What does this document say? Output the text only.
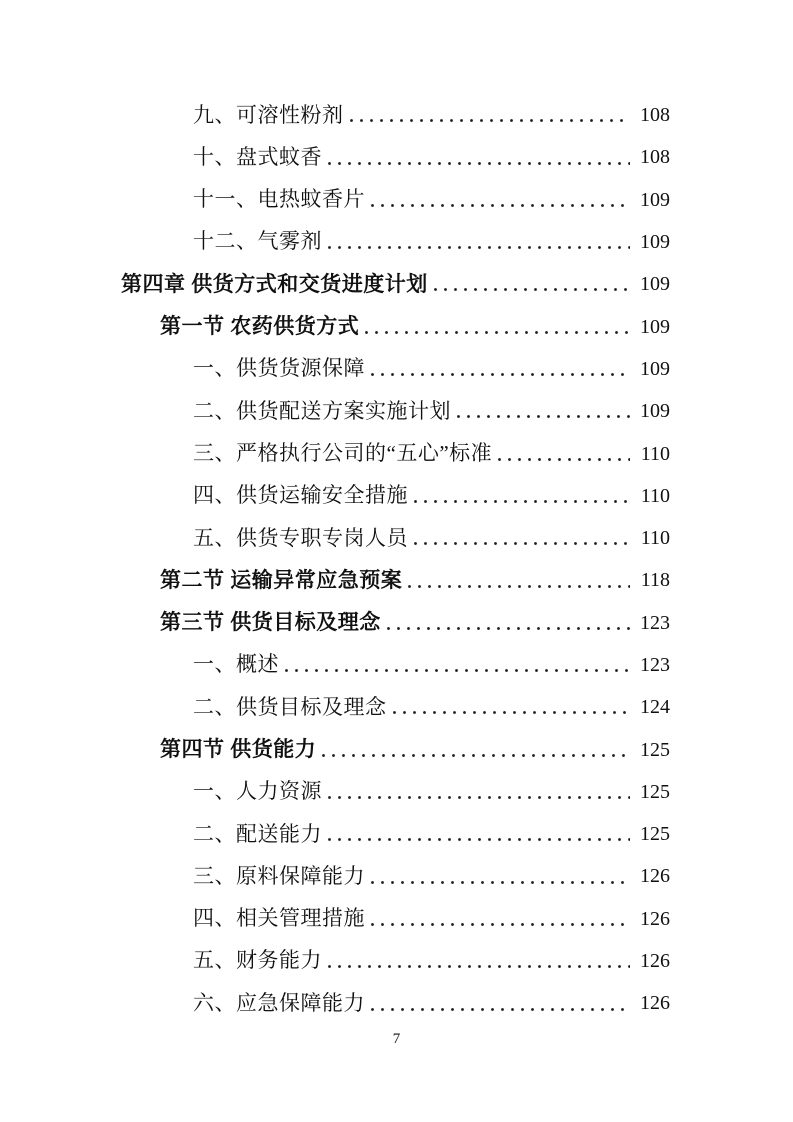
九、可溶性粉剂	108
十、盘式蚊香	108
十一、电热蚊香片	109
十二、气雾剂	109
第四章 供货方式和交货进度计划	109
第一节 农药供货方式	109
一、供货货源保障	109
二、供货配送方案实施计划	109
三、严格执行公司的“五心”标准	110
四、供货运输安全措施	110
五、供货专职专岗人员	110
第二节 运输异常应急预案	118
第三节 供货目标及理念	123
一、概述	123
二、供货目标及理念	124
第四节 供货能力	125
一、人力资源	125
二、配送能力	125
三、原料保障能力	126
四、相关管理措施	126
五、财务能力	126
六、应急保障能力	126
7
